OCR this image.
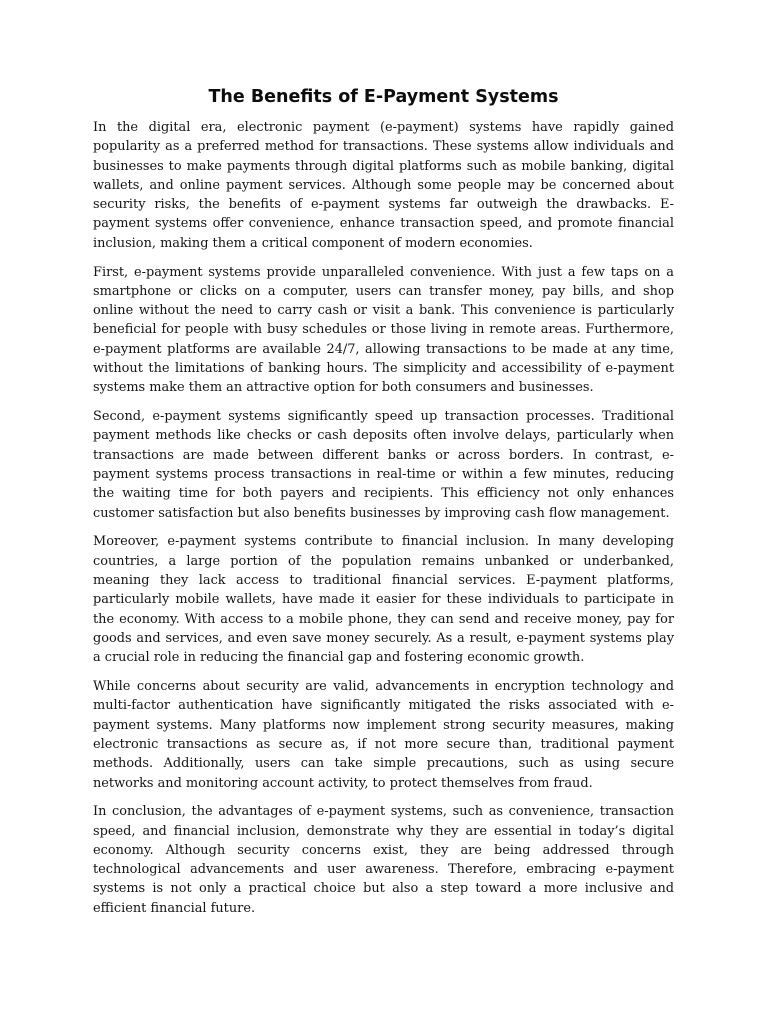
The Benefits of E-Payment Systems

In the digital era, electronic payment (e-payment) systems have rapidly gained popularity as a preferred method for transactions. These systems allow individuals and businesses to make payments through digital platforms such as mobile banking, digital wallets, and online payment services. Although some people may be concerned about security risks, the benefits of e-payment systems far outweigh the drawbacks. E-payment systems offer convenience, enhance transaction speed, and promote financial inclusion, making them a critical component of modern economies.

First, e-payment systems provide unparalleled convenience. With just a few taps on a smartphone or clicks on a computer, users can transfer money, pay bills, and shop online without the need to carry cash or visit a bank. This convenience is particularly beneficial for people with busy schedules or those living in remote areas. Furthermore, e-payment platforms are available 24/7, allowing transactions to be made at any time, without the limitations of banking hours. The simplicity and accessibility of e-payment systems make them an attractive option for both consumers and businesses.

Second, e-payment systems significantly speed up transaction processes. Traditional payment methods like checks or cash deposits often involve delays, particularly when transactions are made between different banks or across borders. In contrast, e-payment systems process transactions in real-time or within a few minutes, reducing the waiting time for both payers and recipients. This efficiency not only enhances customer satisfaction but also benefits businesses by improving cash flow management.

Moreover, e-payment systems contribute to financial inclusion. In many developing countries, a large portion of the population remains unbanked or underbanked, meaning they lack access to traditional financial services. E-payment platforms, particularly mobile wallets, have made it easier for these individuals to participate in the economy. With access to a mobile phone, they can send and receive money, pay for goods and services, and even save money securely. As a result, e-payment systems play a crucial role in reducing the financial gap and fostering economic growth.

While concerns about security are valid, advancements in encryption technology and multi-factor authentication have significantly mitigated the risks associated with e-payment systems. Many platforms now implement strong security measures, making electronic transactions as secure as, if not more secure than, traditional payment methods. Additionally, users can take simple precautions, such as using secure networks and monitoring account activity, to protect themselves from fraud.

In conclusion, the advantages of e-payment systems, such as convenience, transaction speed, and financial inclusion, demonstrate why they are essential in today’s digital economy. Although security concerns exist, they are being addressed through technological advancements and user awareness. Therefore, embracing e-payment systems is not only a practical choice but also a step toward a more inclusive and efficient financial future.
